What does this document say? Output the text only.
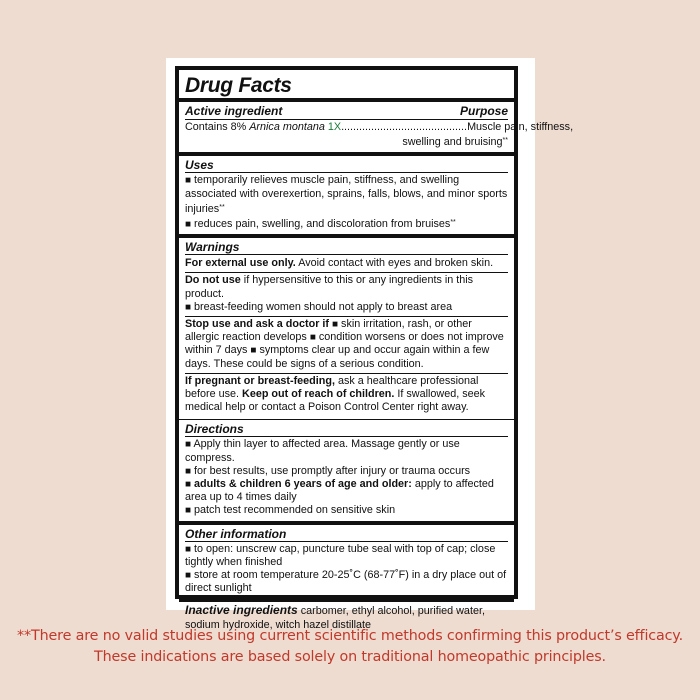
Drug Facts
Active ingredient	Purpose
Contains 8% Arnica montana 1X .......................................... Muscle pain, stiffness,
swelling and bruising**
Uses
■ temporarily relieves muscle pain, stiffness, and swelling associated with overexertion, sprains, falls, blows, and minor sports injuries**
■ reduces pain, swelling, and discoloration from bruises**
Warnings
For external use only. Avoid contact with eyes and broken skin.
Do not use if hypersensitive to this or any ingredients in this product.
■ breast-feeding women should not apply to breast area
Stop use and ask a doctor if ■ skin irritation, rash, or other allergic reaction develops ■ condition worsens or does not improve within 7 days ■ symptoms clear up and occur again within a few days. These could be signs of a serious condition.
If pregnant or breast-feeding, ask a healthcare professional before use. Keep out of reach of children. If swallowed, seek medical help or contact a Poison Control Center right away.
Directions
■ Apply thin layer to affected area. Massage gently or use compress.
■ for best results, use promptly after injury or trauma occurs
■ adults & children 6 years of age and older: apply to affected area up to 4 times daily
■ patch test recommended on sensitive skin
Other information
■ to open: unscrew cap, puncture tube seal with top of cap; close tightly when finished
■ store at room temperature 20-25˚C (68-77˚F) in a dry place out of direct sunlight
Inactive ingredients carbomer, ethyl alcohol, purified water, sodium hydroxide, witch hazel distillate
**There are no valid studies using current scientific methods confirming this product’s efficacy. These indications are based solely on traditional homeopathic principles.
